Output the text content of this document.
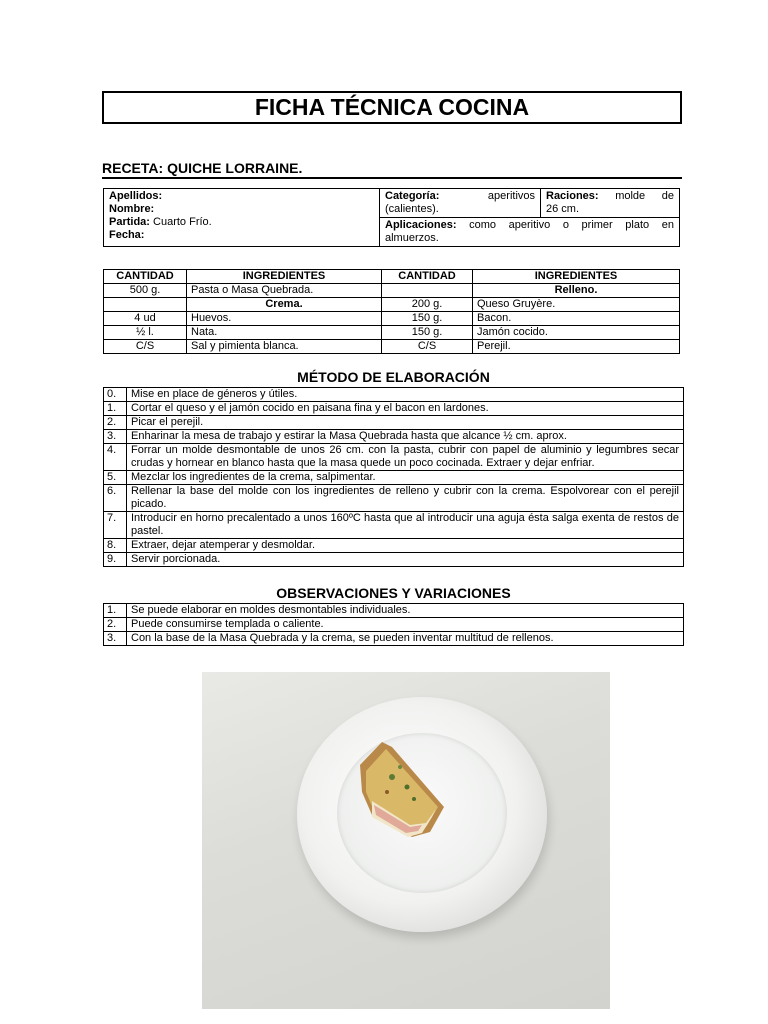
FICHA TÉCNICA COCINA
RECETA: QUICHE LORRAINE.
Apellidos:
Nombre:
Partida: Cuarto Frío.
Fecha:	
Categoría:	aperitivos
(calientes).

Raciones: molde de
26 cm.

Aplicaciones: como aperitivo o primer plato en
almuerzos.
CANTIDAD	INGREDIENTES	CANTIDAD	INGREDIENTES
500 g.	Pasta o Masa Quebrada.		Relleno.
	Crema.	200 g.	Queso Gruyère.
4 ud	Huevos.	150 g.	Bacon.
½ l.	Nata.	150 g.	Jamón cocido.
C/S	Sal y pimienta blanca.	C/S	Perejil.
MÉTODO DE ELABORACIÓN
0.	Mise en place de géneros y útiles.
1.	Cortar el queso y el jamón cocido en paisana fina y el bacon en lardones.
2.	Picar el perejil.
3.	Enharinar la mesa de trabajo y estirar la Masa Quebrada hasta que alcance ½ cm. aprox.
4.	Forrar un molde desmontable de unos 26 cm. con la pasta, cubrir con papel de aluminio y legumbres secar crudas y hornear en blanco hasta que la masa quede un poco cocinada. Extraer y dejar enfriar.
5.	Mezclar los ingredientes de la crema, salpimentar.
6.	Rellenar la base del molde con los ingredientes de relleno y cubrir con la crema. Espolvorear con el perejil picado.
7.	Introducir en horno precalentado a unos 160ºC hasta que al introducir una aguja ésta salga exenta de restos de pastel.
8.	Extraer, dejar atemperar y desmoldar.
9.	Servir porcionada.
OBSERVACIONES Y VARIACIONES
1.	Se puede elaborar en moldes desmontables individuales.
2.	Puede consumirse templada o caliente.
3.	Con la base de la Masa Quebrada y la crema, se pueden inventar multitud de rellenos.
